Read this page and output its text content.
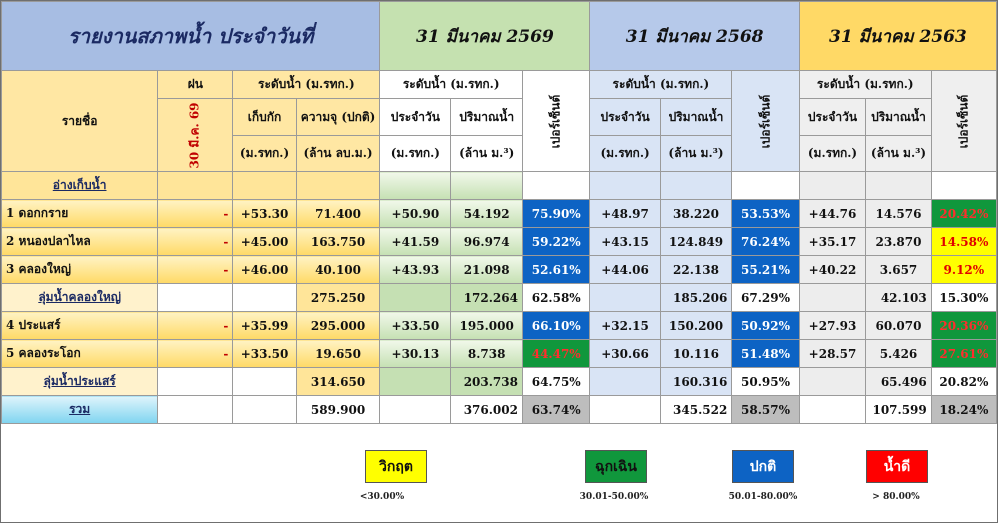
รายงานสภาพน้ำ ประจำวันที่				31 มีนาคม 2569			31 มีนาคม 2568			31 มีนาคม 2563		
รายชื่อ	ฝน	ระดับน้ำ (ม.รทก.)		ระดับน้ำ (ม.รทก.)		เปอร์เซ็นต์	ระดับน้ำ (ม.รทก.)		เปอร์เซ็นต์	ระดับน้ำ (ม.รทก.)		เปอร์เซ็นต์
	30 มี.ค. 69	เก็บกัก	ความจุ (ปกติ)	ประจำวัน	ปริมาณน้ำ		ประจำวัน	ปริมาณน้ำ		ประจำวัน	ปริมาณน้ำ	
		(ม.รทก.)	(ล้าน ลบ.ม.)	(ม.รทก.)	(ล้าน ม.³)		(ม.รทก.)	(ล้าน ม.³)		(ม.รทก.)	(ล้าน ม.³)	
อ่างเก็บน้ำ												
1 ดอกกราย	-	+53.30	71.400	+50.90	54.192	75.90%	+48.97	38.220	53.53%	+44.76	14.576	20.42%
2 หนองปลาไหล	-	+45.00	163.750	+41.59	96.974	59.22%	+43.15	124.849	76.24%	+35.17	23.870	14.58%
3 คลองใหญ่	-	+46.00	40.100	+43.93	21.098	52.61%	+44.06	22.138	55.21%	+40.22	3.657	9.12%
ลุ่มน้ำคลองใหญ่			275.250		172.264	62.58%		185.206	67.29%		42.103	15.30%
4 ประแสร์	-	+35.99	295.000	+33.50	195.000	66.10%	+32.15	150.200	50.92%	+27.93	60.070	20.36%
5 คลองระโอก	-	+33.50	19.650	+30.13	8.738	44.47%	+30.66	10.116	51.48%	+28.57	5.426	27.61%
ลุ่มน้ำประแสร์			314.650		203.738	64.75%		160.316	50.95%		65.496	20.82%
รวม			589.900		376.002	63.74%		345.522	58.57%		107.599	18.24%
วิกฤต
<30.00%
ฉุกเฉิน
30.01-50.00%
ปกติ
50.01-80.00%
น้ำดี
> 80.00%
